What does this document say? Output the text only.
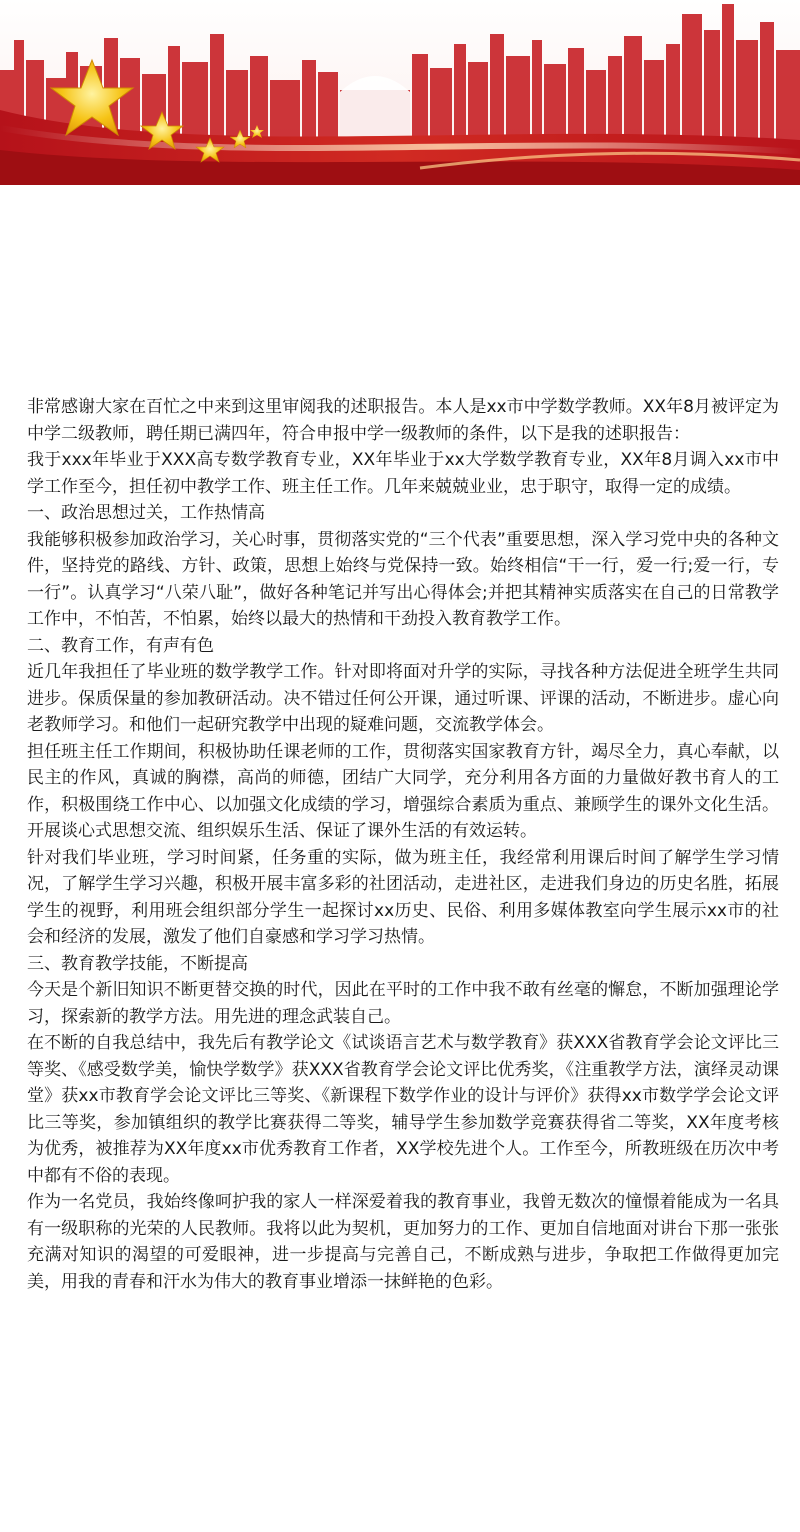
非常感谢大家在百忙之中来到这里审阅我的述职报告。本人是xx市中学数学教师。XX年8月被评定为中学二级教师，聘任期已满四年，符合申报中学一级教师的条件，以下是我的述职报告：

我于xxx年毕业于XXX高专数学教育专业，XX年毕业于xx大学数学教育专业，XX年8月调入xx市中学工作至今，担任初中教学工作、班主任工作。几年来兢兢业业，忠于职守，取得一定的成绩。

一、政治思想过关，工作热情高

我能够积极参加政治学习，关心时事，贯彻落实党的“三个代表”重要思想，深入学习党中央的各种文件，坚持党的路线、方针、政策，思想上始终与党保持一致。始终相信“干一行，爱一行;爱一行，专一行”。认真学习“八荣八耻”，做好各种笔记并写出心得体会;并把其精神实质落实在自己的日常教学工作中，不怕苦，不怕累，始终以最大的热情和干劲投入教育教学工作。

二、教育工作，有声有色

近几年我担任了毕业班的数学教学工作。针对即将面对升学的实际，寻找各种方法促进全班学生共同进步。保质保量的参加教研活动。决不错过任何公开课，通过听课、评课的活动，不断进步。虚心向老教师学习。和他们一起研究教学中出现的疑难问题，交流教学体会。

担任班主任工作期间，积极协助任课老师的工作，贯彻落实国家教育方针，竭尽全力，真心奉献，以民主的作风，真诚的胸襟，高尚的师德，团结广大同学，充分利用各方面的力量做好教书育人的工作，积极围绕工作中心、以加强文化成绩的学习，增强综合素质为重点、兼顾学生的课外文化生活。开展谈心式思想交流、组织娱乐生活、保证了课外生活的有效运转。

针对我们毕业班，学习时间紧，任务重的实际，做为班主任，我经常利用课后时间了解学生学习情况，了解学生学习兴趣，积极开展丰富多彩的社团活动，走进社区，走进我们身边的历史名胜，拓展学生的视野，利用班会组织部分学生一起探讨xx历史、民俗、利用多媒体教室向学生展示xx市的社会和经济的发展，激发了他们自豪感和学习学习热情。

三、教育教学技能，不断提高

今天是个新旧知识不断更替交换的时代，因此在平时的工作中我不敢有丝毫的懈怠，不断加强理论学习，探索新的教学方法。用先进的理念武装自己。

在不断的自我总结中，我先后有教学论文《试谈语言艺术与数学教育》获XXX省教育学会论文评比三等奖、《感受数学美，愉快学数学》获XXX省教育学会论文评比优秀奖，《注重教学方法，演绎灵动课堂》获xx市教育学会论文评比三等奖、《新课程下数学作业的设计与评价》获得xx市数学学会论文评比三等奖，参加镇组织的教学比赛获得二等奖，辅导学生参加数学竞赛获得省二等奖，XX年度考核为优秀，被推荐为XX年度xx市优秀教育工作者，XX学校先进个人。工作至今，所教班级在历次中考中都有不俗的表现。

作为一名党员，我始终像呵护我的家人一样深爱着我的教育事业，我曾无数次的憧憬着能成为一名具有一级职称的光荣的人民教师。我将以此为契机，更加努力的工作、更加自信地面对讲台下那一张张充满对知识的渴望的可爱眼神，进一步提高与完善自己，不断成熟与进步，争取把工作做得更加完美，用我的青春和汗水为伟大的教育事业增添一抹鲜艳的色彩。
